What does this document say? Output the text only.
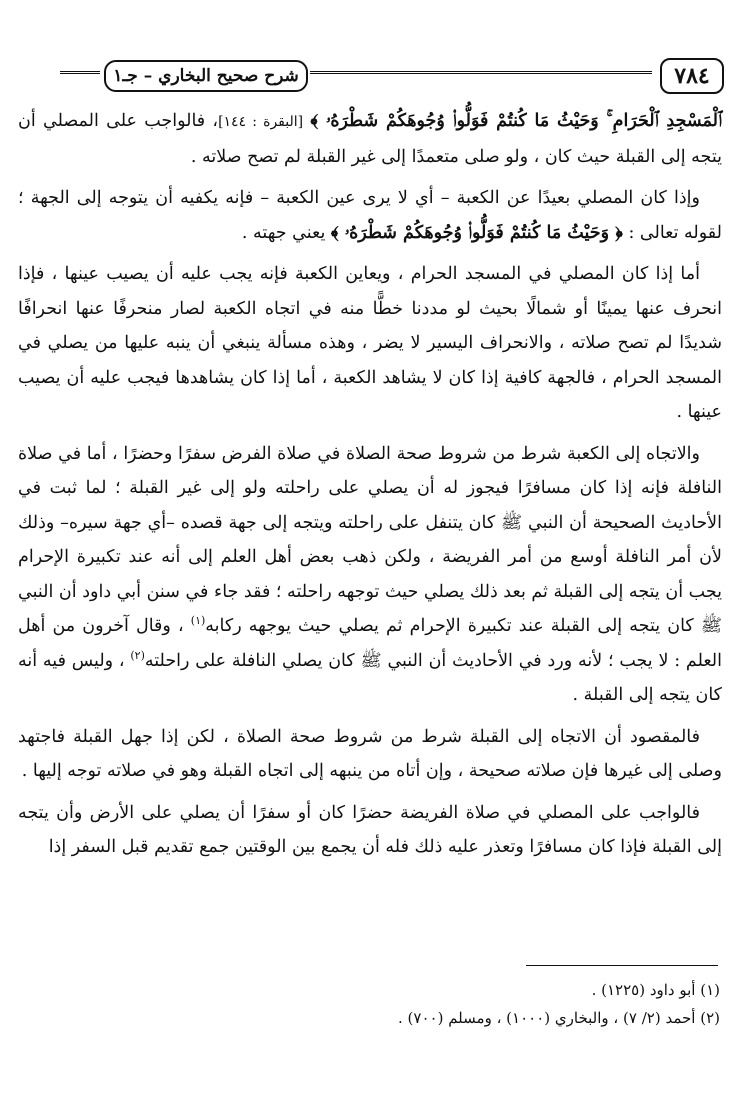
شرح صحيح البخاري – جـ١	٧٨٤

ٱلْمَسْجِدِ ٱلْحَرَامِ ۚ وَحَيْثُ مَا كُنتُمْ فَوَلُّوا۟ وُجُوهَكُمْ شَطْرَهُۥ ﴾ [البقرة : ١٤٤]، فالواجب على المصلي أن يتجه إلى القبلة حيث كان ، ولو صلى متعمدًا إلى غير القبلة لم تصح صلاته .

وإذا كان المصلي بعيدًا عن الكعبة – أي لا يرى عين الكعبة – فإنه يكفيه أن يتوجه إلى الجهة ؛ لقوله تعالى : ﴿ وَحَيْثُ مَا كُنتُمْ فَوَلُّوا۟ وُجُوهَكُمْ شَطْرَهُۥ ﴾ يعني جهته .

أما إذا كان المصلي في المسجد الحرام ، ويعاين الكعبة فإنه يجب عليه أن يصيب عينها ، فإذا انحرف عنها يمينًا أو شمالًا بحيث لو مددنا خطًّا منه في اتجاه الكعبة لصار منحرفًا عنها انحرافًا شديدًا لم تصح صلاته ، والانحراف اليسير لا يضر ، وهذه مسألة ينبغي أن ينبه عليها من يصلي في المسجد الحرام ، فالجهة كافية إذا كان لا يشاهد الكعبة ، أما إذا كان يشاهدها فيجب عليه أن يصيب عينها .

والاتجاه إلى الكعبة شرط من شروط صحة الصلاة في صلاة الفرض سفرًا وحضرًا ، أما في صلاة النافلة فإنه إذا كان مسافرًا فيجوز له أن يصلي على راحلته ولو إلى غير القبلة ؛ لما ثبت في الأحاديث الصحيحة أن النبي ﷺ كان يتنفل على راحلته ويتجه إلى جهة قصده –أي جهة سيره– وذلك لأن أمر النافلة أوسع من أمر الفريضة ، ولكن ذهب بعض أهل العلم إلى أنه عند تكبيرة الإحرام يجب أن يتجه إلى القبلة ثم بعد ذلك يصلي حيث توجهه راحلته ؛ فقد جاء في سنن أبي داود أن النبي ﷺ كان يتجه إلى القبلة عند تكبيرة الإحرام ثم يصلي حيث يوجهه ركابه$^{(١)}$ ، وقال آخرون من أهل العلم : لا يجب ؛ لأنه ورد في الأحاديث أن النبي ﷺ كان يصلي النافلة على راحلته$^{(٢)}$ ، وليس فيه أنه كان يتجه إلى القبلة .

فالمقصود أن الاتجاه إلى القبلة شرط من شروط صحة الصلاة ، لكن إذا جهل القبلة فاجتهد وصلى إلى غيرها فإن صلاته صحيحة ، وإن أتاه من ينبهه إلى اتجاه القبلة وهو في صلاته توجه إليها .

فالواجب على المصلي في صلاة الفريضة حضرًا كان أو سفرًا أن يصلي على الأرض وأن يتجه إلى القبلة فإذا كان مسافرًا وتعذر عليه ذلك فله أن يجمع بين الوقتين جمع تقديم قبل السفر إذا

(١) أبو داود (١٢٢٥) .
(٢) أحمد (٢/ ٧) ، والبخاري (١٠٠٠) ، ومسلم (٧٠٠) .
